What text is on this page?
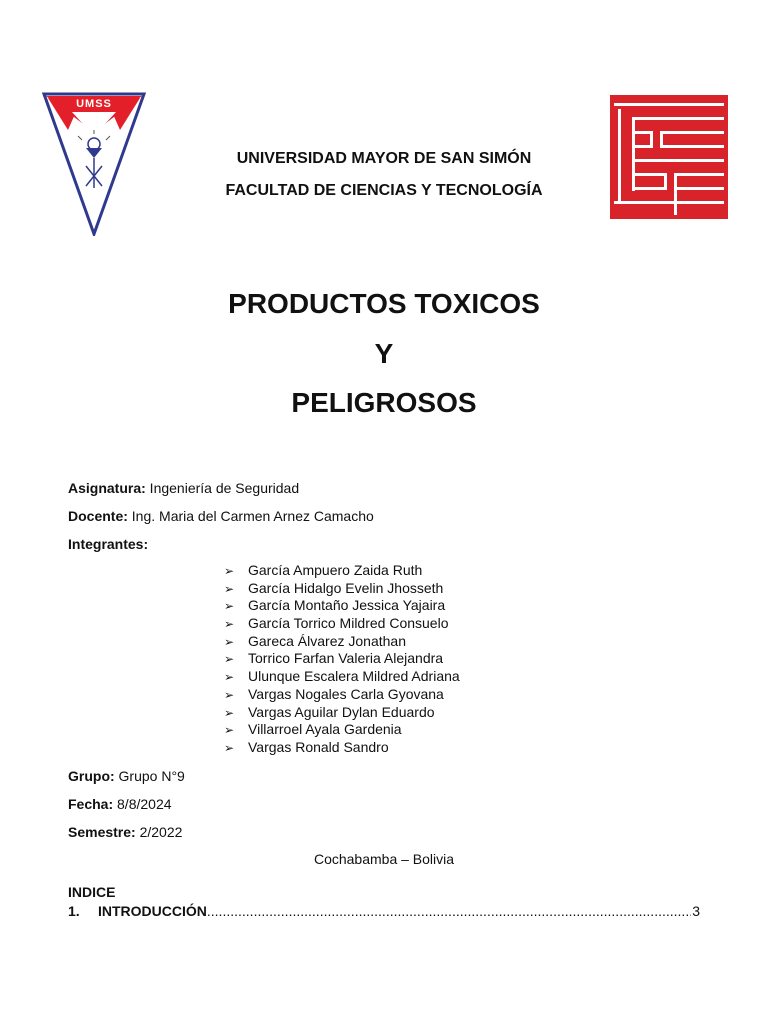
UMSS
UNIVERSIDAD MAYOR DE SAN SIMÓN
FACULTAD DE CIENCIAS Y TECNOLOGÍA
PRODUCTOS TOXICOS
Y
PELIGROSOS
Asignatura: Ingeniería de Seguridad
Docente: Ing. Maria del Carmen Arnez Camacho
Integrantes:
➢ García Ampuero Zaida Ruth
➢ García Hidalgo Evelin Jhosseth
➢ García Montaño Jessica Yajaira
➢ García Torrico Mildred Consuelo
➢ Gareca Álvarez Jonathan
➢ Torrico Farfan Valeria Alejandra
➢ Ulunque Escalera Mildred Adriana
➢ Vargas Nogales Carla Gyovana
➢ Vargas Aguilar Dylan Eduardo
➢ Villarroel Ayala Gardenia
➢ Vargas Ronald Sandro
Grupo: Grupo N°9
Fecha: 8/8/2024
Semestre: 2/2022
Cochabamba – Bolivia
INDICE
1.	INTRODUCCIÓN
.....	3
